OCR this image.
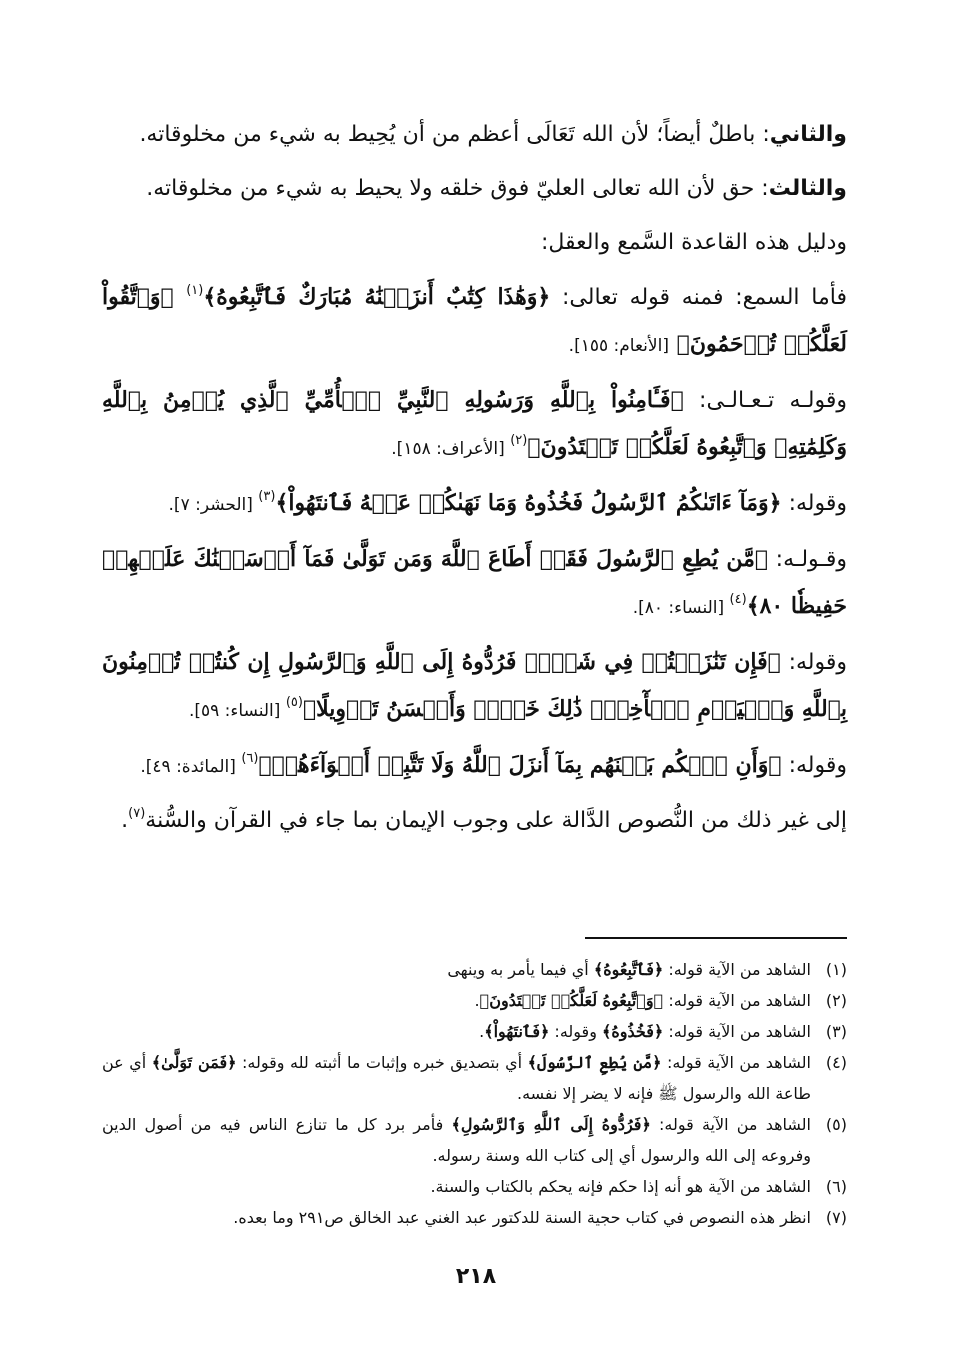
والثاني: باطلٌ أيضاً؛ لأن الله تَعَالَى أعظم من أن يُحِيط به شيء من مخلوقاته.

والثالث: حق لأن الله تعالى العليّ فوق خلقه ولا يحيط به شيء من مخلوقاته.

ودليل هذه القاعدة السَّمع والعقل:

فأما السمع: فمنه قوله تعالى: ﴿وَهَٰذَا كِتَٰبٌ أَنزَلۡنَٰهُ مُبَارَكٌ فَٱتَّبِعُوهُ﴾$^{(١)}$ ﴿وَٱتَّقُواْ لَعَلَّكُمۡ تُرۡحَمُونَ﴾ [الأنعام: ١٥٥].

وقولـه تـعـالـى: ﴿فَـَٔامِنُواْ بِٱللَّهِ وَرَسُولِهِ ٱلنَّبِيِّ ٱلۡأُمِّيِّ ٱلَّذِي يُؤۡمِنُ بِٱللَّهِ وَكَلِمَٰتِهِۦ وَٱتَّبِعُوهُ لَعَلَّكُمۡ تَهۡتَدُونَ﴾$^{(٢)}$ [الأعراف: ١٥٨].

وقوله: ﴿وَمَآ ءَاتَىٰكُمُ ٱلرَّسُولُ فَخُذُوهُ وَمَا نَهَىٰكُمۡ عَنۡهُ فَٱنتَهُواْ﴾$^{(٣)}$ [الحشر: ٧].

وقـولـه: ﴿مَّن يُطِعِ ٱلرَّسُولَ فَقَدۡ أَطَاعَ ٱللَّهَ وَمَن تَوَلَّىٰ فَمَآ أَرۡسَلۡنَٰكَ عَلَيۡهِمۡ حَفِيظٗا ٨٠﴾$^{(٤)}$ [النساء: ٨٠].

وقوله: ﴿فَإِن تَنَٰزَعۡتُمۡ فِي شَيۡءٖ فَرُدُّوهُ إِلَى ٱللَّهِ وَٱلرَّسُولِ إِن كُنتُمۡ تُؤۡمِنُونَ بِٱللَّهِ وَٱلۡيَوۡمِ ٱلۡأٓخِرِۚ ذَٰلِكَ خَيۡرٞ وَأَحۡسَنُ تَأۡوِيلًا﴾$^{(٥)}$ [النساء: ٥٩].

وقوله: ﴿وَأَنِ ٱحۡكُم بَيۡنَهُم بِمَآ أَنزَلَ ٱللَّهُ وَلَا تَتَّبِعۡ أَهۡوَآءَهُمۡ﴾$^{(٦)}$ [المائدة: ٤٩].

إلى غير ذلك من النُّصوص الدَّالة على وجوب الإيمان بما جاء في القرآن والسُّنة$^{(٧)}$.

(١)
الشاهد من الآية قوله: ﴿فَٱتَّبِعُوهُ﴾ أي فيما يأمر به وينهى
(٢)
الشاهد من الآية قوله: ﴿وَٱتَّبِعُوهُ لَعَلَّكُمۡ تَهۡتَدُونَ﴾.
(٣)
الشاهد من الآية قوله: ﴿فَخُذُوهُ﴾ وقوله: ﴿فَٱنتَهُواْ﴾.
(٤)
الشاهد من الآية قوله: ﴿مَّن يُطِعِ ٱلرَّسُولَ﴾ أي بتصديق خبره وإثبات ما أثبته لله وقوله: ﴿فَمَن تَوَلَّىٰ﴾ أي عن طاعة الله والرسول ﷺ فإنه لا يضر إلا نفسه.
(٥)
الشاهد من الآية قوله: ﴿فَرُدُّوهُ إِلَى ٱللَّهِ وَٱلرَّسُولِ﴾ فأمر برد كل ما تنازع الناس فيه من أصول الدين وفروعه إلى الله والرسول أي إلى كتاب الله وسنة رسوله.
(٦)
الشاهد من الآية هو أنه إذا حكم فإنه يحكم بالكتاب والسنة.
(٧)
انظر هذه النصوص في كتاب حجية السنة للدكتور عبد الغني عبد الخالق ص٢٩١ وما بعده.
٢١٨
